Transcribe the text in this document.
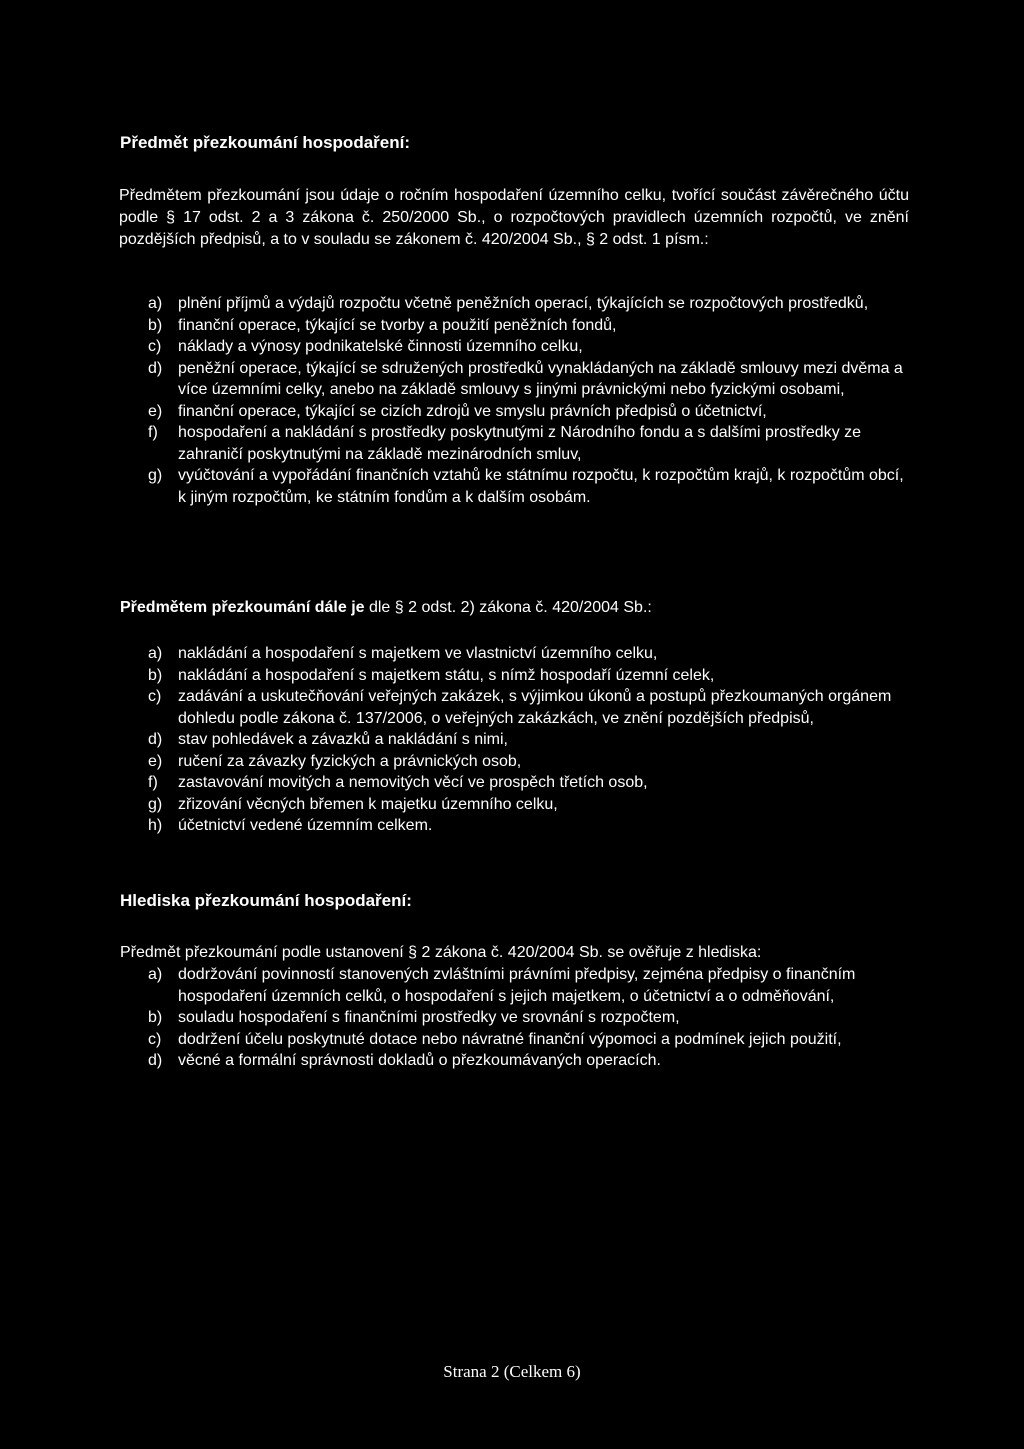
Předmět přezkoumání hospodaření:

Předmětem přezkoumání jsou údaje o ročním hospodaření územního celku, tvořící součást závěrečného účtu podle § 17 odst. 2 a 3 zákona č. 250/2000 Sb., o rozpočtových pravidlech územních rozpočtů, ve znění pozdějších předpisů, a to v souladu se zákonem č. 420/2004 Sb., § 2 odst. 1 písm.:

a) plnění příjmů a výdajů rozpočtu včetně peněžních operací, týkajících se rozpočtových prostředků,
b) finanční operace, týkající se tvorby a použití peněžních fondů,
c) náklady a výnosy podnikatelské činnosti územního celku,
d) peněžní operace, týkající se sdružených prostředků vynakládaných na základě smlouvy mezi dvěma a více územními celky, anebo na základě smlouvy s jinými právnickými nebo fyzickými osobami,
e) finanční operace, týkající se cizích zdrojů ve smyslu právních předpisů o účetnictví,
f) hospodaření a nakládání s prostředky poskytnutými z Národního fondu a s dalšími prostředky ze zahraničí poskytnutými na základě mezinárodních smluv,
g) vyúčtování a vypořádání finančních vztahů ke státnímu rozpočtu, k rozpočtům krajů, k rozpočtům obcí, k jiným rozpočtům, ke státním fondům a k dalším osobám.

Předmětem přezkoumání dále je dle § 2 odst. 2) zákona č. 420/2004 Sb.:

a) nakládání a hospodaření s majetkem ve vlastnictví územního celku,
b) nakládání a hospodaření s majetkem státu, s nímž hospodaří územní celek,
c) zadávání a uskutečňování veřejných zakázek, s výjimkou úkonů a postupů přezkoumaných orgánem dohledu podle zákona č. 137/2006, o veřejných zakázkách, ve znění pozdějších předpisů,
d) stav pohledávek a závazků a nakládání s nimi,
e) ručení za závazky fyzických a právnických osob,
f) zastavování movitých a nemovitých věcí ve prospěch třetích osob,
g) zřizování věcných břemen k majetku územního celku,
h) účetnictví vedené územním celkem.
Hlediska přezkoumání hospodaření:

Předmět přezkoumání podle ustanovení § 2 zákona č. 420/2004 Sb. se ověřuje z hlediska:

a) dodržování povinností stanovených zvláštními právními předpisy, zejména předpisy o finančním hospodaření územních celků, o hospodaření s jejich majetkem, o účetnictví a o odměňování,
b) souladu hospodaření s finančními prostředky ve srovnání s rozpočtem,
c) dodržení účelu poskytnuté dotace nebo návratné finanční výpomoci a podmínek jejich použití,
d) věcné a formální správnosti dokladů o přezkoumávaných operacích.
Strana 2 (Celkem 6)
